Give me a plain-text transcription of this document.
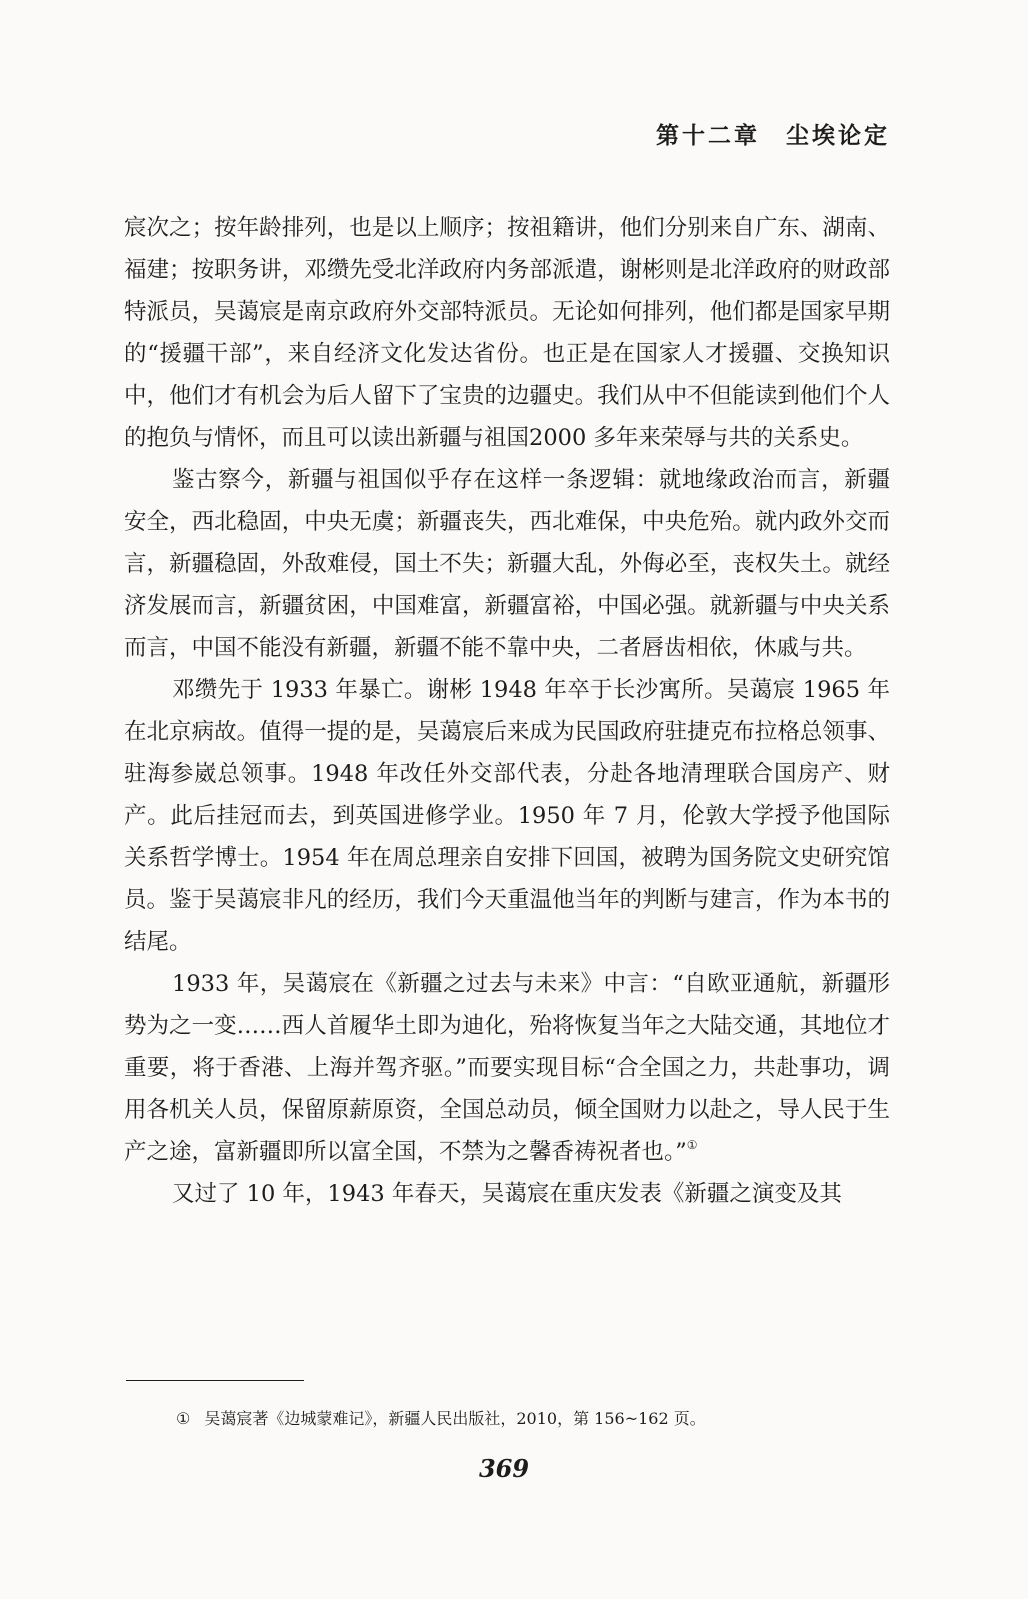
第十二章　尘埃论定

宸次之；按年龄排列，也是以上顺序；按祖籍讲，他们分别来自广东、湖南、福建；按职务讲，邓缵先受北洋政府内务部派遣，谢彬则是北洋政府的财政部特派员，吴蔼宸是南京政府外交部特派员。无论如何排列，他们都是国家早期的“援疆干部”，来自经济文化发达省份。也正是在国家人才援疆、交换知识中，他们才有机会为后人留下了宝贵的边疆史。我们从中不但能读到他们个人的抱负与情怀，而且可以读出新疆与祖国2000 多年来荣辱与共的关系史。

鉴古察今，新疆与祖国似乎存在这样一条逻辑：就地缘政治而言，新疆安全，西北稳固，中央无虞；新疆丧失，西北难保，中央危殆。就内政外交而言，新疆稳固，外敌难侵，国土不失；新疆大乱，外侮必至，丧权失土。就经济发展而言，新疆贫困，中国难富，新疆富裕，中国必强。就新疆与中央关系而言，中国不能没有新疆，新疆不能不靠中央，二者唇齿相依，休戚与共。

邓缵先于 1933 年暴亡。谢彬 1948 年卒于长沙寓所。吴蔼宸 1965 年在北京病故。值得一提的是，吴蔼宸后来成为民国政府驻捷克布拉格总领事、驻海参崴总领事。1948 年改任外交部代表，分赴各地清理联合国房产、财产。此后挂冠而去，到英国进修学业。1950 年 7 月，伦敦大学授予他国际关系哲学博士。1954 年在周总理亲自安排下回国，被聘为国务院文史研究馆员。鉴于吴蔼宸非凡的经历，我们今天重温他当年的判断与建言，作为本书的结尾。

1933 年，吴蔼宸在《新疆之过去与未来》中言：“自欧亚通航，新疆形势为之一变……西人首履华土即为迪化，殆将恢复当年之大陆交通，其地位才重要，将于香港、上海并驾齐驱。”而要实现目标“合全国之力，共赴事功，调用各机关人员，保留原薪原资，全国总动员，倾全国财力以赴之，导人民于生产之途，富新疆即所以富全国，不禁为之馨香祷祝者也。”①

又过了 10 年，1943 年春天，吴蔼宸在重庆发表《新疆之演变及其

① 吴蔼宸著《边城蒙难记》，新疆人民出版社，2010，第 156~162 页。

369
